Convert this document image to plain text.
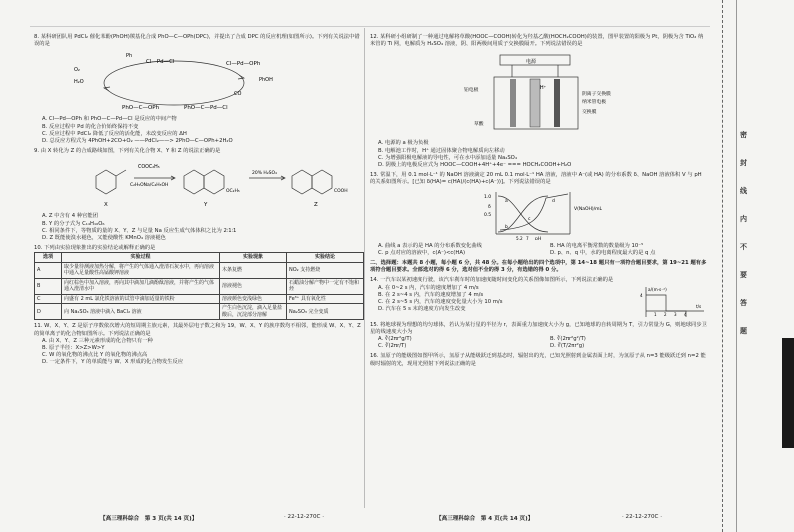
8. 某科研团队用 PdCl₂ 催化苯酚(PhOH)羰基化合成 PhO—C—OPh(DPC)，并提出了合成 DPC 的反应机理(如图所示)。下列有关说法中错误的是
Ph
Cl—Pd—Cl	Cl—Pd—OPh
PhOH
CO
PhO—C—Pd—Cl
PhO—C—OPh
H₂O
O₂
A. Cl—Pd—OPh 和 PhO—C—Pd—Cl 是反应的中间产物
B. 反应过程中 Pd 的化合价始终保持不变
C. 反应过程中 PdCl₂ 降低了反应的活化能，未改变反应的 ΔH
D. 总反应方程式为 4PhOH+2CO+O₂ ——PdCl₂——> 2PhO—C—OPh+2H₂O
9. 由 X 转化为 Z 的合成路线如图，下列有关化合物 X、Y 和 Z 的说法正确的是
COOC₂H₅
C₂H₅ONa/C₂H₅OH
OC₂H₅
20% H₂SO₄
COOH
X	Y	Z
A. Z 中含有 4 种官能团
B. Y 的分子式为 C₁₄H₁₆O₆
C. 相同条件下，等物质的量的 X、Y、Z 与足量 Na 反应生成气体体积之比为 2∶1∶1
D. Z 既能使溴水褪色，又能使酸性 KMnO₄ 溶液褪色
10. 下列由实验现象推出的实验结论或解释正确的是
选项	实验过程	实验现象	实验结论
A	取少量待测液加热分解，将产生的气体通入澄清石灰水中，再向溶液中通入足量酸性高锰酸钾溶液	木条复燃	NO₂ 支持燃烧
B	向红棕色中加入溶液，再向其中滴加几滴酚酞溶液，并将产生的气体通入澄清水中	溶液褪色	石蜡油分解产物中一定有不饱和烃
C	向盛有 2 mL 氯化铁溶液的试管中滴加适量的铁粉	溶液颜色变浅绿色	Fe³⁺ 具有氧化性
D	向 Na₂SO₃ 溶液中滴入 BaCl₂ 溶液	产生白色沉淀，滴入足量盐酸后，沉淀部分溶解	Na₂SO₃ 完全变质
11. W、X、Y、Z 是原子序数依次增大的短周期主族元素，其最外层电子数之和为 19，W、X、Y 的族序数均不相邻，能形成 W、X、Y、Z 的简单离子的化合物如图所示。下列说法正确的是
A. 由 X、Y、Z 三种元素形成的化合物只有一种
B. 原子半径：X>Z>W>Y
C. W 的氧化物的沸点比 Y 的氧化物的沸点高
D. 一定条件下，Y 的单质能与 W、X 形成的化合物发生反应
【高三理科综合　第 3 页(共 14 页)】	· 22-12-270C ·
12. 某科研小组研制了一种通过电解将草酸(HOOC—COOH)转化为羟基乙酸(HOCH₂COOH)的装置，图甲装置的阳极为 Pt，阴极为含 TiO₂ 纳米管的 Ti 网，电解质为 H₂SO₄ 溶液，阴、阳两极间用质子交换膜隔开。下列说法错误的是
电源
铂电极
阴离子交换膜
纳米管电极
H⁺
交换膜
草酸
A. 电源的 a 极为负极
B. 电解池工作时，H⁺ 通过固体聚合物电解质向左移动
C. 为增强阳极电解液的导电性，可在水中添加适量 Na₂SO₄
D. 阴极上的电极反应式为 HOOC—COOH+4H⁺+4e⁻ === HOCH₂COOH+H₂O
13. 常温下，用 0.1 mol·L⁻¹ 的 NaOH 溶液滴定 20 mL 0.1 mol·L⁻¹ HA 溶液，溶液中 A⁻(或 HA) 的分布系数 δ、NaOH 溶液体积 V 与 pH 的关系如图所示。[已知 δ(HA)= c(HA)/(c(HA)+c(A⁻))]。下列说法错误的是
1.0
0.5
δ	V(NaOH)/mL
pH
a
b
c
d
5.2 7
A. 曲线 a 表示的是 HA 的分布系数变化曲线	B. HA 的电离平衡常数的数量级为 10⁻⁵
C. p 点对应的溶液中，c(A⁻)<c(HA)	D. p、n、q 中，水的电离程度最大的是 q 点
二、选择题：本题共 8 小题，每小题 6 分，共 48 分。在每小题给出的四个选项中，第 14~18 题只有一项符合题目要求，第 19~21 题有多项符合题目要求。全部选对的得 6 分，选对但不全的得 3 分，有选错的得 0 分。
14. 一汽车以某初速度行驶，该汽车刹车时的加速度随时间变化的关系图像如图所示，下列说法正确的是
A. 在 0~2 s 内，汽车的速度增加了 4 m/s
B. 在 2 s~4 s 内，汽车的速度增加了 4 m/s
C. 在 2 s~5 s 内，汽车的速度变化量大小为 10 m/s
D. 汽车在 5 s 末的速度方向发生改变
a/(m·s⁻²)
4
1 2 3 4
t/s
15. 将地球视为理想的均匀球体，若认为某行星的半径为 r，表面重力加速度大小为 g，已知地球的自转周期为 T，引力常量为 G，则地球同步卫星的线速度大小为
A. ∛(2πr²g/T)	B. ∛(2πr²g²/T)
C. ∛(2πr/T)	D. ∛(T/2πr²g)
16. 氢原子的能级图如图甲所示，氢原子从能级跃迁到基态时，辐射出的光，已知光照射到金属表面上时，为氢原子从 n=3 能级跃迁到 n=2 能级时辐射的光，现用光照射下列说法正确的是
【高三理科综合　第 4 页(共 14 页)】	· 22-12-270C ·
密
封
线
内
不
要
答
题
